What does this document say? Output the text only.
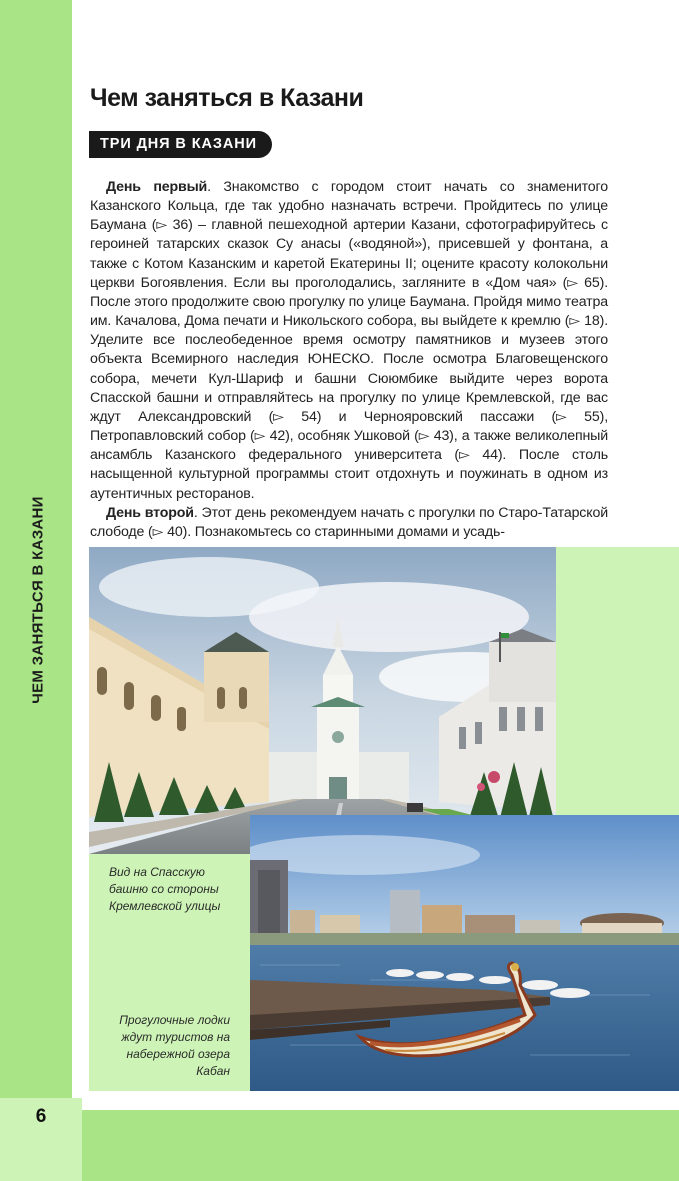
ЧЕМ ЗАНЯТЬСЯ В КАЗАНИ
Чем заняться в Казани
ТРИ ДНЯ В КАЗАНИ

День первый. Знакомство с городом стоит начать со знаменитого Казанского Кольца, где так удобно назначать встречи. Пройдитесь по улице Баумана (▻ 36) – главной пешеходной артерии Казани, сфотографируйтесь с героиней татарских сказок Су анасы («водяной»), присевшей у фонтана, а также с Котом Казанским и каретой Екатерины II; оцените красоту колокольни церкви Богоявления. Если вы проголодались, загляните в «Дом чая» (▻ 65). После этого продолжите свою прогулку по улице Баумана. Пройдя мимо театра им. Качалова, Дома печати и Никольского собора, вы выйдете к кремлю (▻ 18). Уделите все послеобеденное время осмотру памятников и музеев этого объекта Всемирного наследия ЮНЕСКО. После осмотра Благовещенского собора, мечети Кул-Шариф и башни Сююмбике выйдите через ворота Спасской башни и отправляйтесь на прогулку по улице Кремлевской, где вас ждут Александровский (▻ 54) и Чернояровский пассажи (▻ 55), Петропавловский собор (▻ 42), особняк Ушковой (▻ 43), а также великолепный ансамбль Казанского федерального университета (▻ 44). После столь насыщенной культурной программы стоит отдохнуть и поужинать в одном из аутентичных ресторанов.

День второй. Этот день рекомендуем начать с прогулки по Старо-Татарской слободе (▻ 40). Познакомьтесь со старинными домами и усадь-

Вид на Спасскую башню со стороны Кремлевской улицы
Прогулочные лодки ждут туристов на набережной озера Кабан
6
